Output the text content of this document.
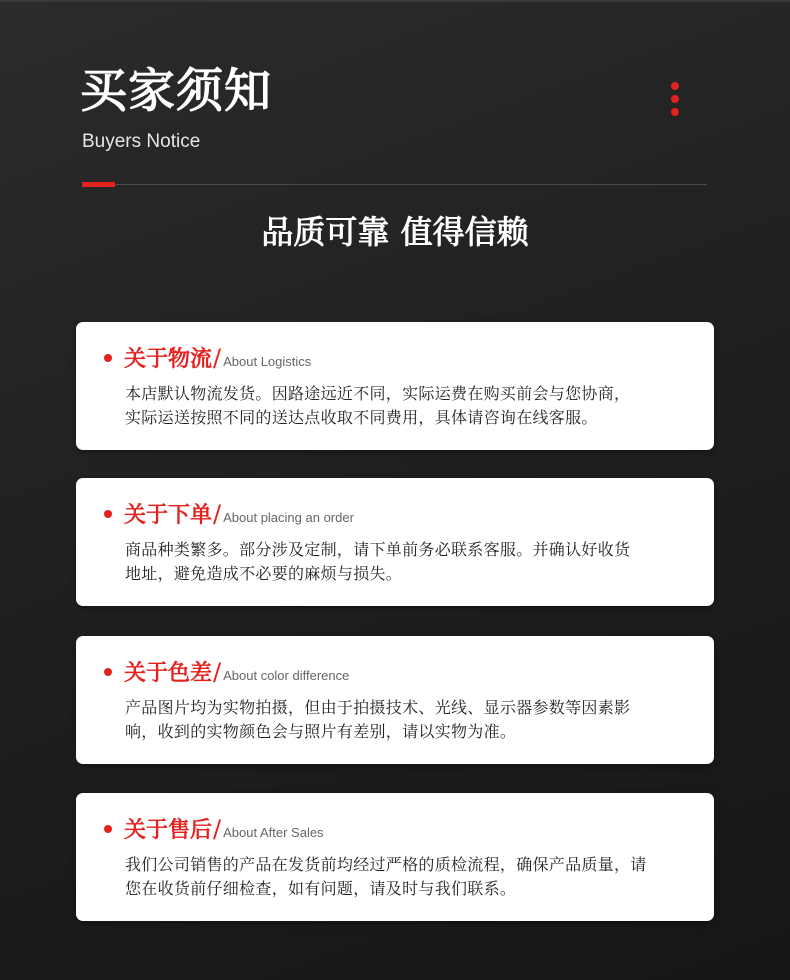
买家须知
Buyers Notice
品质可靠 值得信赖
关于物流 / About Logistics
本店默认物流发货。因路途远近不同，实际运费在购买前会与您协商，
实际运送按照不同的送达点收取不同费用，具体请咨询在线客服。
关于下单 / About placing an order
商品种类繁多。部分涉及定制，请下单前务必联系客服。并确认好收货
地址，避免造成不必要的麻烦与损失。
关于色差 / About color difference
产品图片均为实物拍摄，但由于拍摄技术、光线、显示器参数等因素影
响，收到的实物颜色会与照片有差别，请以实物为准。
关于售后 / About After Sales
我们公司销售的产品在发货前均经过严格的质检流程，确保产品质量，请
您在收货前仔细检查，如有问题，请及时与我们联系。
